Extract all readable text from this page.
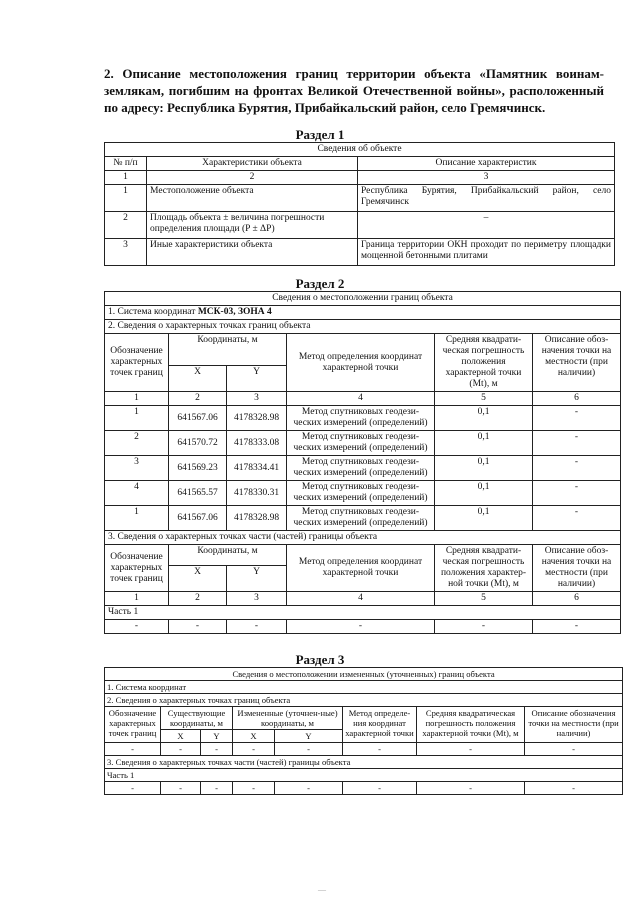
2. Описание местоположения границ территории объекта «Памятник воинам-землякам, погибшим на фронтах Великой Отечественной войны», расположенный по адресу: Республика Бурятия, Прибайкальский район, село Гремячинск.
Раздел 1
Сведения об объекте		
№ п/п	Характеристики объекта	Описание характеристик
1	2	3
1	Местоположение объекта	Республика Бурятия, Прибайкальский район, село Гремячинск
2	Площадь объекта ± величина погрешности определения площади (P ± ΔP)	–
3	Иные характеристики объекта	Граница территории ОКН проходит по периметру площадки мощенной бетонными плитами
Раздел 2
Сведения о местоположении границ объекта					
1. Система координат МСК-03, ЗОНА 4					
2. Сведения о характерных точках границ объекта					
Обозначение характерных точек границ	Координаты, м		Метод определения координат характерной точки	Средняя квадрати-ческая погрешность положения характерной точки (Mt), м	Описание обоз-начения точки на местности (при наличии)
	X	Y			
1	2	3	4	5	6
1	641567.06	4178328.98	Метод спутниковых геодези-ческих измерений (определений)	0,1	-
2	641570.72	4178333.08	Метод спутниковых геодези-ческих измерений (определений)	0,1	-
3	641569.23	4178334.41	Метод спутниковых геодези-ческих измерений (определений)	0,1	-
4	641565.57	4178330.31	Метод спутниковых геодези-ческих измерений (определений)	0,1	-
1	641567.06	4178328.98	Метод спутниковых геодези-ческих измерений (определений)	0,1	-
3. Сведения о характерных точках части (частей) границы объекта					
Обозначение характерных точек границ	Координаты, м		Метод определения координат характерной точки	Средняя квадрати-ческая погрешность положения характер-ной точки (Mt), м	Описание обоз-начения точки на местности (при наличии)
	X	Y			
1	2	3	4	5	6
Часть 1					
-	-	-	-	-	-
Раздел 3
Сведения о местоположении измененных (уточненных) границ объекта							
1. Система координат							
2. Сведения о характерных точках границ объекта							
Обозначение характерных точек границ	Существующие координаты, м		Измененные (уточнен-ные) координаты, м		Метод определе-ния координат характерной точки	Средняя квадратическая погрешность положения характерной точки (Mt), м	Описание обозначения точки на местности (при наличии)
	X	Y	X	Y			
-	-	-	-	-	-	-	-
3. Сведения о характерных точках части (частей) границы объекта							
Часть 1							
-	-	-	-	-	-	-	-
—
